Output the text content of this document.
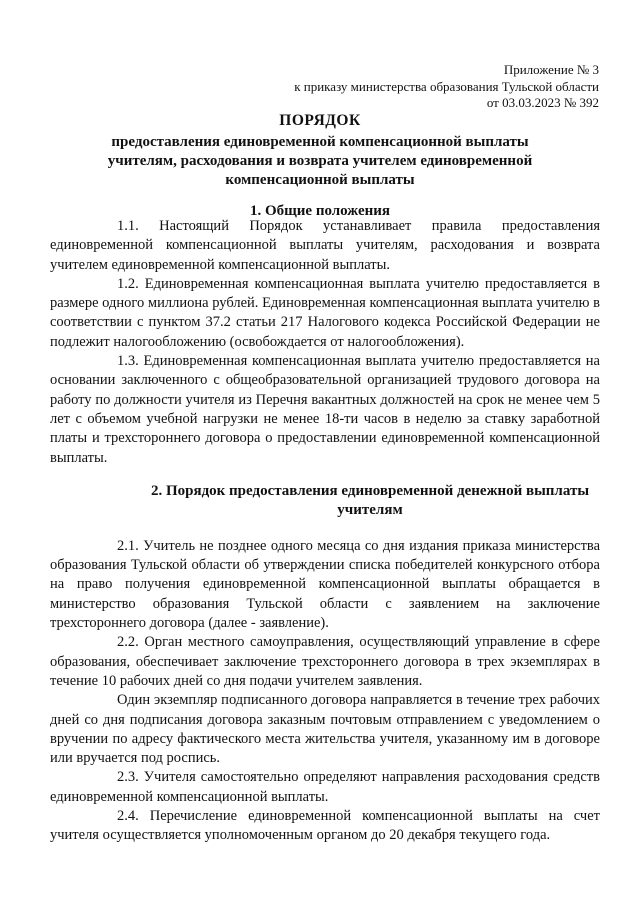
Приложение № 3
к приказу министерства образования Тульской области
от 03.03.2023 № 392
ПОРЯДОК
предоставления единовременной компенсационной выплаты учителям, расходования и возврата учителем единовременной компенсационной выплаты
1. Общие положения

1.1. Настоящий Порядок устанавливает правила предоставления единовременной компенсационной выплаты учителям, расходования и возврата учителем единовременной компенсационной выплаты.

1.2. Единовременная компенсационная выплата учителю предоставляется в размере одного миллиона рублей. Единовременная компенсационная выплата учителю в соответствии с пунктом 37.2 статьи 217 Налогового кодекса Российской Федерации не подлежит налогообложению (освобождается от налогообложения).

1.3. Единовременная компенсационная выплата учителю предоставляется на основании заключенного с общеобразовательной организацией трудового договора на работу по должности учителя из Перечня вакантных должностей на срок не менее чем 5 лет с объемом учебной нагрузки не менее 18-ти часов в неделю за ставку заработной платы и трехстороннего договора о предоставлении единовременной компенсационной выплаты.

2. Порядок предоставления единовременной денежной выплаты учителям

2.1. Учитель не позднее одного месяца со дня издания приказа министерства образования Тульской области об утверждении списка победителей конкурсного отбора на право получения единовременной компенсационной выплаты обращается в министерство образования Тульской области с заявлением на заключение трехстороннего договора (далее - заявление).

2.2. Орган местного самоуправления, осуществляющий управление в сфере образования, обеспечивает заключение трехстороннего договора в трех экземплярах в течение 10 рабочих дней со дня подачи учителем заявления.

Один экземпляр подписанного договора направляется в течение трех рабочих дней со дня подписания договора заказным почтовым отправлением с уведомлением о вручении по адресу фактического места жительства учителя, указанному им в договоре или вручается под роспись.

2.3. Учителя самостоятельно определяют направления расходования средств единовременной компенсационной выплаты.

2.4. Перечисление единовременной компенсационной выплаты на счет учителя осуществляется уполномоченным органом до 20 декабря текущего года.
